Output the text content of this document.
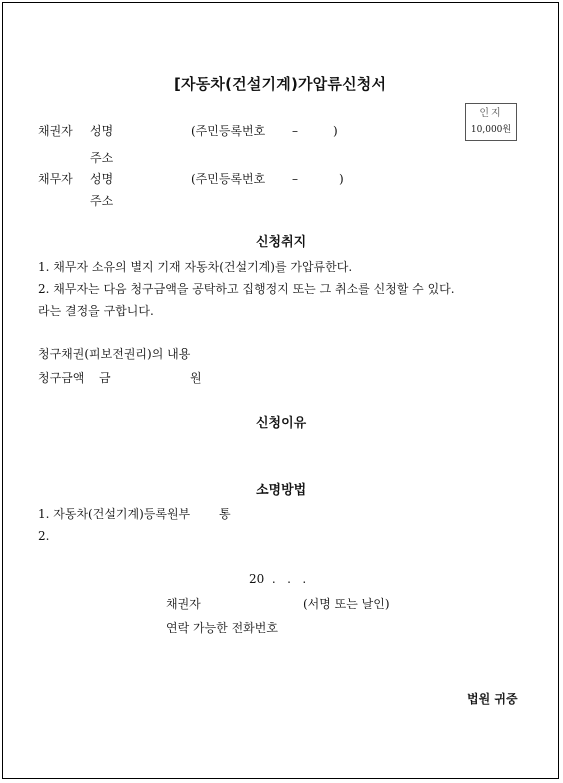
[자동차(건설기계)가압류신청서
인지
10,000원
채권자 성명	(주민등록번호 –	)
주소
채무자 성명	(주민등록번호 –	)
주소
신청취지
1. 채무자 소유의 별지 기재 자동차(건설기계)를 가압류한다.
2. 채무자는 다음 청구금액을 공탁하고 집행정지 또는 그 취소를 신청할 수 있다.
라는 결정을 구합니다.
청구채권(피보전권리)의 내용
청구금액 금	원
신청이유
소명방법
1. 자동차(건설기계)등록원부 통
2.
20  .   .   .
채권자	(서명 또는 날인)
연락 가능한 전화번호
법원 귀중
